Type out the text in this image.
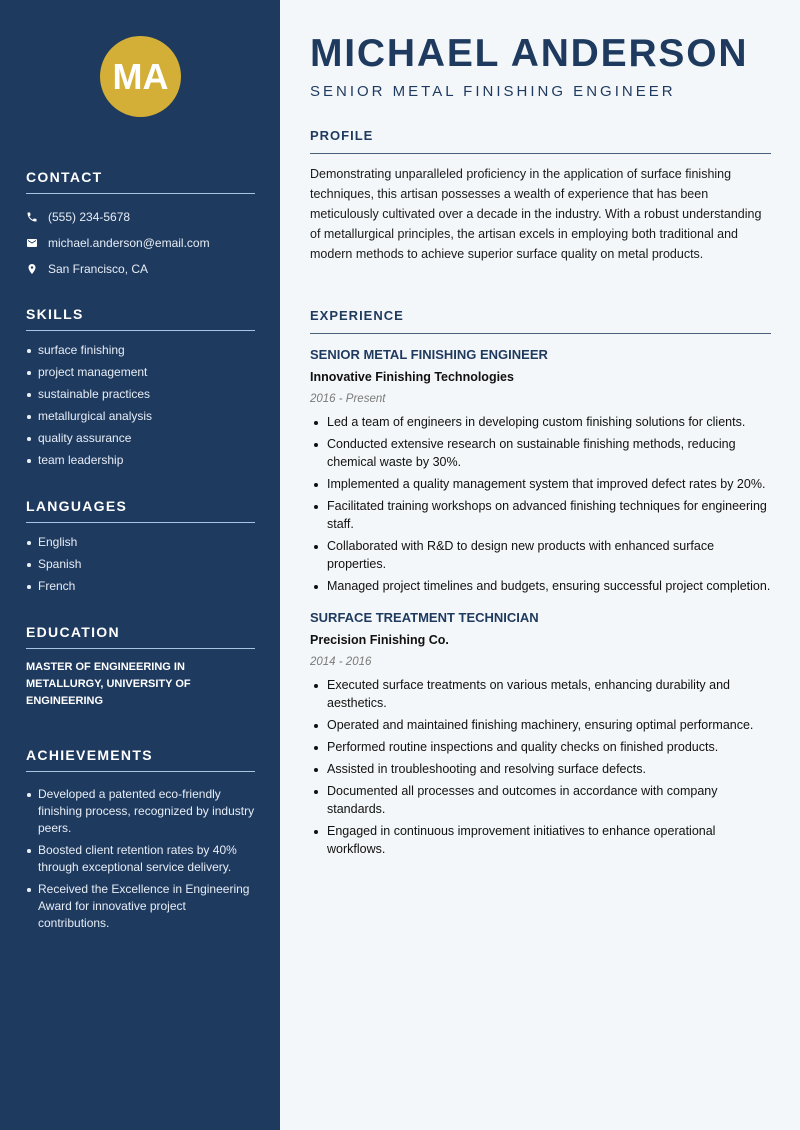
MA
CONTACT
(555) 234-5678
michael.anderson@email.com
San Francisco, CA
SKILLS
surface finishing
project management
sustainable practices
metallurgical analysis
quality assurance
team leadership
LANGUAGES
English
Spanish
French
EDUCATION

MASTER OF ENGINEERING IN METALLURGY, UNIVERSITY OF ENGINEERING

ACHIEVEMENTS
Developed a patented eco-friendly finishing process, recognized by industry peers.
Boosted client retention rates by 40% through exceptional service delivery.
Received the Excellence in Engineering Award for innovative project contributions.
MICHAEL ANDERSON
SENIOR METAL FINISHING ENGINEER
PROFILE

Demonstrating unparalleled proficiency in the application of surface finishing techniques, this artisan possesses a wealth of experience that has been meticulously cultivated over a decade in the industry. With a robust understanding of metallurgical principles, the artisan excels in employing both traditional and modern methods to achieve superior surface quality on metal products.

EXPERIENCE
SENIOR METAL FINISHING ENGINEER
Innovative Finishing Technologies
2016 - Present
Led a team of engineers in developing custom finishing solutions for clients.
Conducted extensive research on sustainable finishing methods, reducing chemical waste by 30%.
Implemented a quality management system that improved defect rates by 20%.
Facilitated training workshops on advanced finishing techniques for engineering staff.
Collaborated with R&D to design new products with enhanced surface properties.
Managed project timelines and budgets, ensuring successful project completion.
SURFACE TREATMENT TECHNICIAN
Precision Finishing Co.
2014 - 2016
Executed surface treatments on various metals, enhancing durability and aesthetics.
Operated and maintained finishing machinery, ensuring optimal performance.
Performed routine inspections and quality checks on finished products.
Assisted in troubleshooting and resolving surface defects.
Documented all processes and outcomes in accordance with company standards.
Engaged in continuous improvement initiatives to enhance operational workflows.
